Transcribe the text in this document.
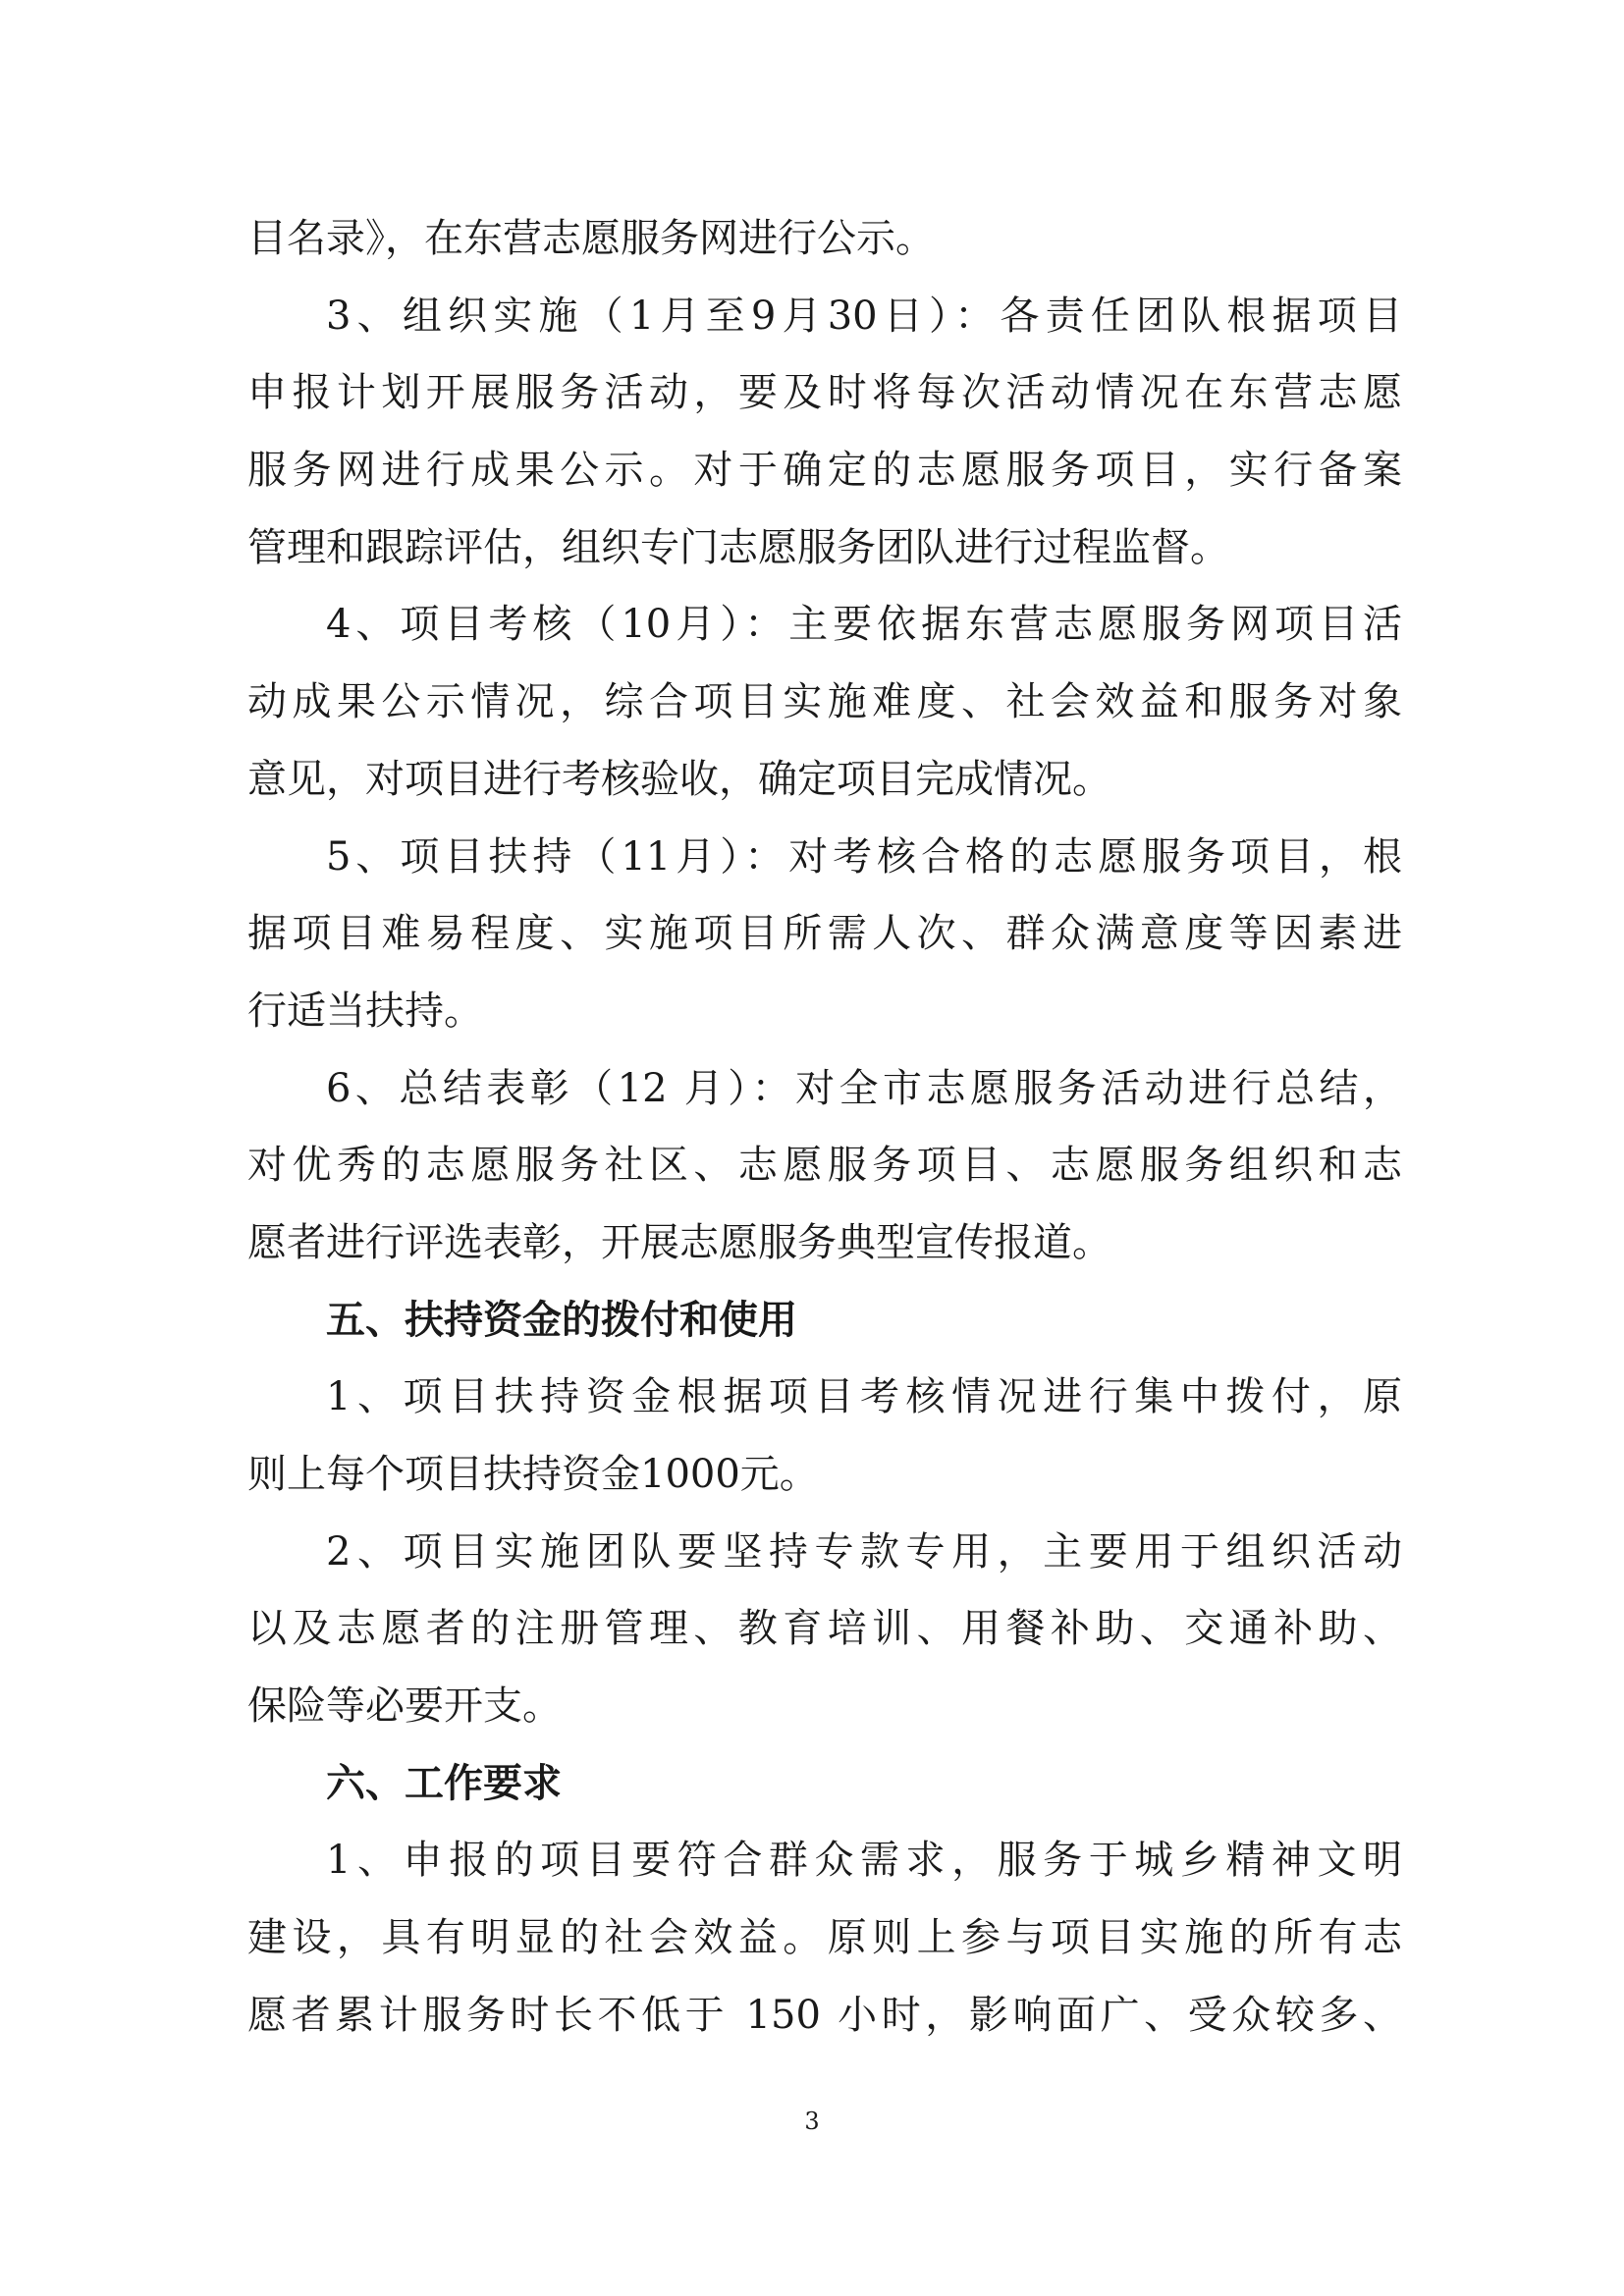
目名录》，在东营志愿服务网进行公示。
3、组织实施（1月至9月30日）：各责任团队根据项目
申报计划开展服务活动，要及时将每次活动情况在东营志愿
服务网进行成果公示。对于确定的志愿服务项目，实行备案
管理和跟踪评估，组织专门志愿服务团队进行过程监督。
4、项目考核（10月）：主要依据东营志愿服务网项目活
动成果公示情况，综合项目实施难度、社会效益和服务对象
意见，对项目进行考核验收，确定项目完成情况。
5、项目扶持（11月）：对考核合格的志愿服务项目，根
据项目难易程度、实施项目所需人次、群众满意度等因素进
行适当扶持。
6、总结表彰（12 月）：对全市志愿服务活动进行总结，
对优秀的志愿服务社区、志愿服务项目、志愿服务组织和志
愿者进行评选表彰，开展志愿服务典型宣传报道。
五、扶持资金的拨付和使用
1、项目扶持资金根据项目考核情况进行集中拨付，原
则上每个项目扶持资金1000元。
2、项目实施团队要坚持专款专用，主要用于组织活动
以及志愿者的注册管理、教育培训、用餐补助、交通补助、
保险等必要开支。
六、工作要求
1、申报的项目要符合群众需求，服务于城乡精神文明
建设，具有明显的社会效益。原则上参与项目实施的所有志
愿者累计服务时长不低于 150 小时，影响面广、受众较多、
3
